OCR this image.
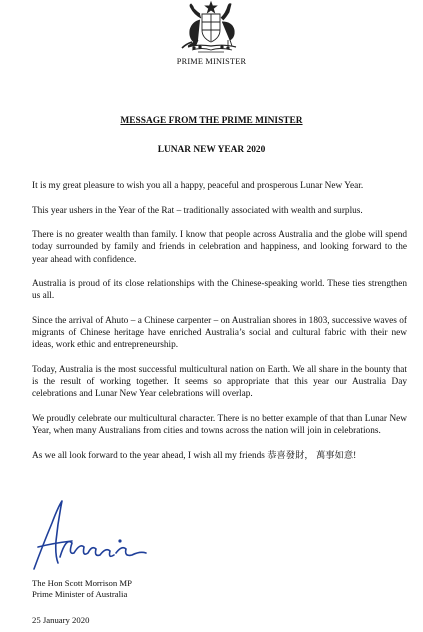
PRIME MINISTER
MESSAGE FROM THE PRIME MINISTER
LUNAR NEW YEAR 2020

It is my great pleasure to wish you all a happy, peaceful and prosperous Lunar New Year.

This year ushers in the Year of the Rat – traditionally associated with wealth and surplus.

There is no greater wealth than family. I know that people across Australia and the globe will spend today surrounded by family and friends in celebration and happiness, and looking forward to the year ahead with confidence.

Australia is proud of its close relationships with the Chinese-speaking world. These ties strengthen us all.

Since the arrival of Ahuto – a Chinese carpenter – on Australian shores in 1803, successive waves of migrants of Chinese heritage have enriched Australia’s social and cultural fabric with their new ideas, work ethic and entrepreneurship.

Today, Australia is the most successful multicultural nation on Earth. We all share in the bounty that is the result of working together. It seems so appropriate that this year our Australia Day celebrations and Lunar New Year celebrations will overlap.

We proudly celebrate our multicultural character. There is no better example of that than Lunar New Year, when many Australians from cities and towns across the nation will join in celebrations.

As we all look forward to the year ahead, I wish all my friends 恭喜發財， 萬事如意!

The Hon Scott Morrison MP
Prime Minister of Australia
25 January 2020
